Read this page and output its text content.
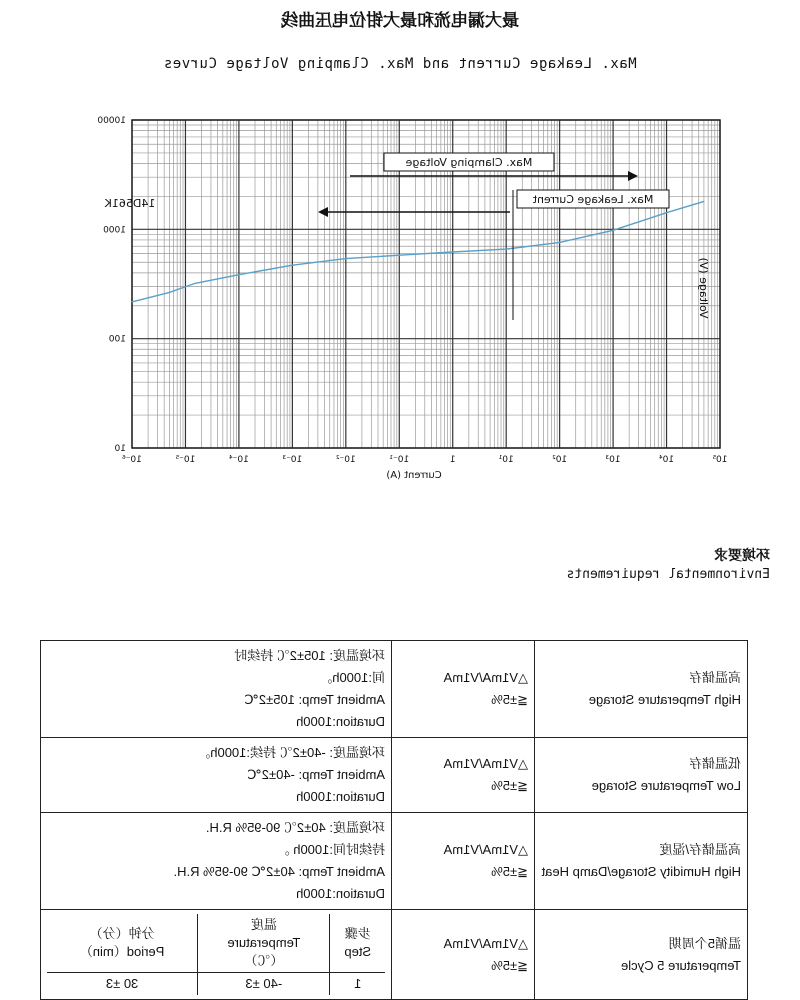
最大漏电流和最大钳位电压曲线
Max. Leakage Current and Max. Clamping Voltage Curves
10⁻⁶	10⁻⁵	10⁻⁴	10⁻³	10⁻²	10⁻¹	1	10¹	10²	10³	10⁴	10⁵
10
100
1000
10000
Max. Clamping Voltage
Max. Leakage Current
14D561K
Current (A)
Voltage (V)
环境要求
Environmental requirements
高温储存
High Temperature Storage

△V1mA/V1mA
≦±5%

环境温度: 105±2℃ 持续时
间:1000h。
Ambient Temp: 105±2℃
Duration:1000h

低温储存
Low Temperature Storage

△V1mA/V1mA
≦±5%

环境温度: -40±2℃ 持续:1000h。
Ambient Temp: -40±2℃
Duration:1000h

高温储存/湿度
High Humidity Storage/Damp Heat

△V1mA/V1mA
≦±5%

环境温度: 40±2℃ 90-95% R.H.
持续时间:1000h 。
Ambient Temp: 40±2℃ 90-95% R.H.
Duration:1000h

温循5个周期
Temperature 5 Cycle

△V1mA/V1mA
≦±5%

步骤
Step

温度
Temperature
（℃）

分钟（分）
Period（min）

1	-40 ±3	30 ±3
